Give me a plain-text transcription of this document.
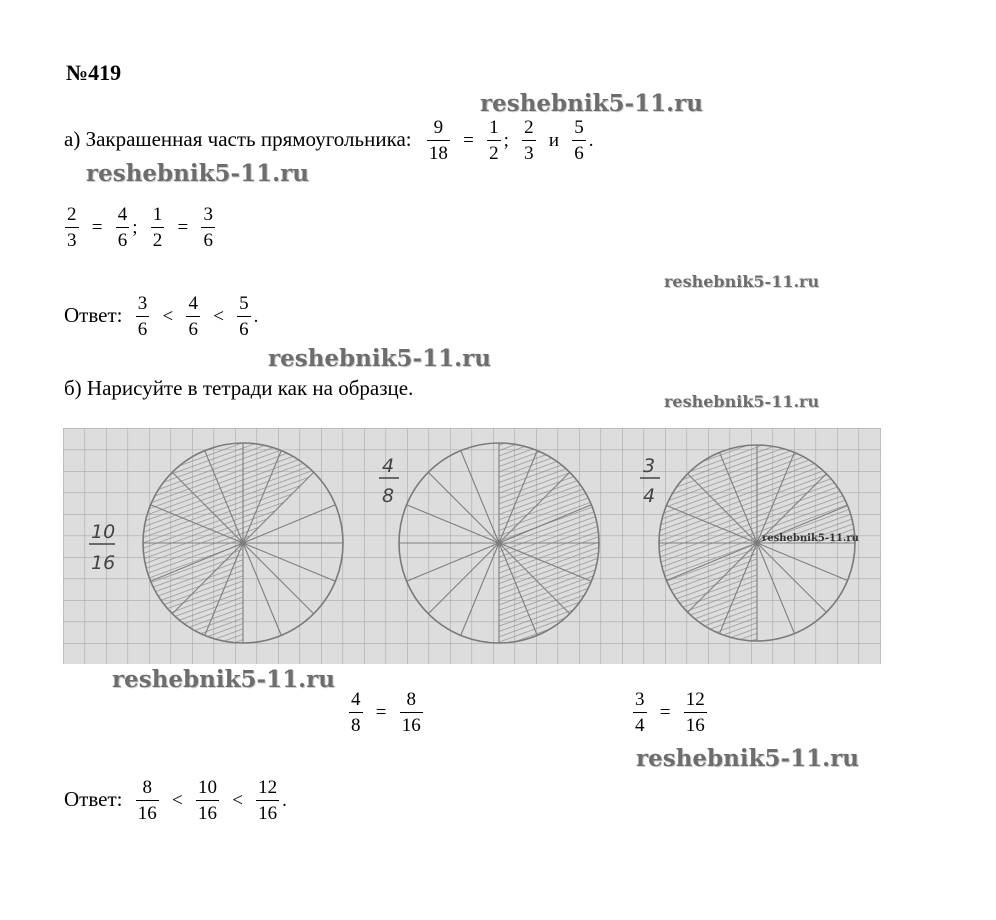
№419
а) Закрашенная часть прямоугольника: $\frac{9}{18} = \frac{1}{2}$ ; $\frac{2}{3}$ и $\frac{5}{6}$ .
$\frac{2}{3} = \frac{4}{6}$ ; $\frac{1}{2} = \frac{3}{6}$
Ответ: $\frac{3}{6} < \frac{4}{6} < \frac{5}{6}$ .
б) Нарисуйте в тетради как на образце.
10
16
4
8
3
4
$\frac{4}{8} = \frac{8}{16}$	$\frac{3}{4} = \frac{12}{16}$
Ответ: $\frac{8}{16} < \frac{10}{16} < \frac{12}{16}$ .
reshebnik5-11.ru
reshebnik5-11.ru
reshebnik5-11.ru
reshebnik5-11.ru
reshebnik5-11.ru
reshebnik5-11.ru
reshebnik5-11.ru
reshebnik5-11.ru
